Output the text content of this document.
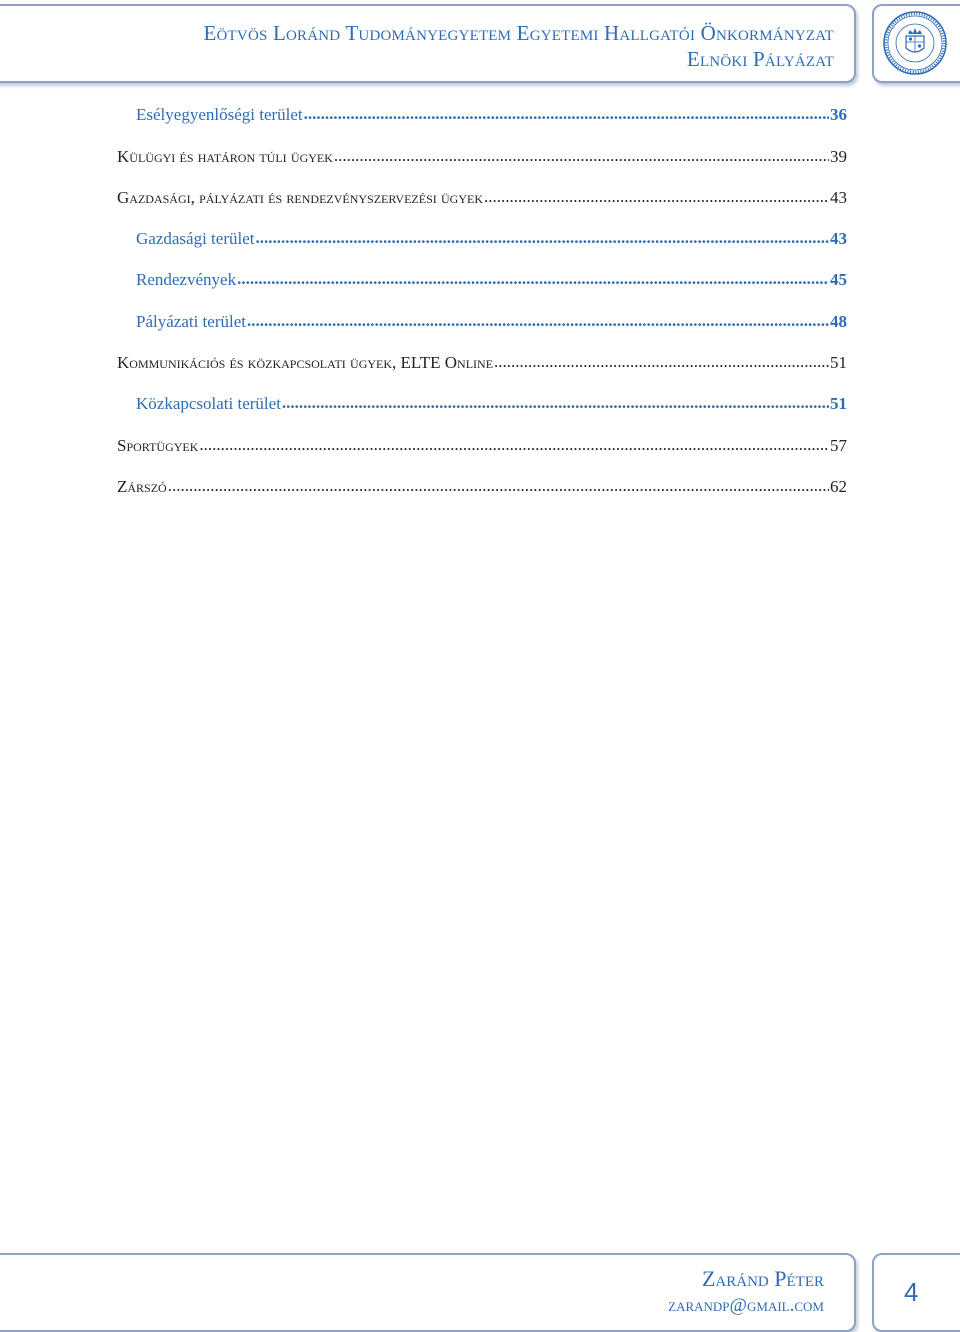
Eötvös Loránd Tudományegyetem Egyetemi Hallgatói Önkormányzat
Elnöki Pályázat
Esélyegyenlőségi terület .....	36
Külügyi és határon túli ügyek .....	39
Gazdasági, pályázati és rendezvényszervezési ügyek .....	43
Gazdasági terület .....	43
Rendezvények .....	45
Pályázati terület .....	48
Kommunikációs és közkapcsolati ügyek, ELTE Online .....	51
Közkapcsolati terület .....	51
Sportügyek .....	57
Zárszó .....	62
Zaránd Péter
zarandp@gmail.com	4
